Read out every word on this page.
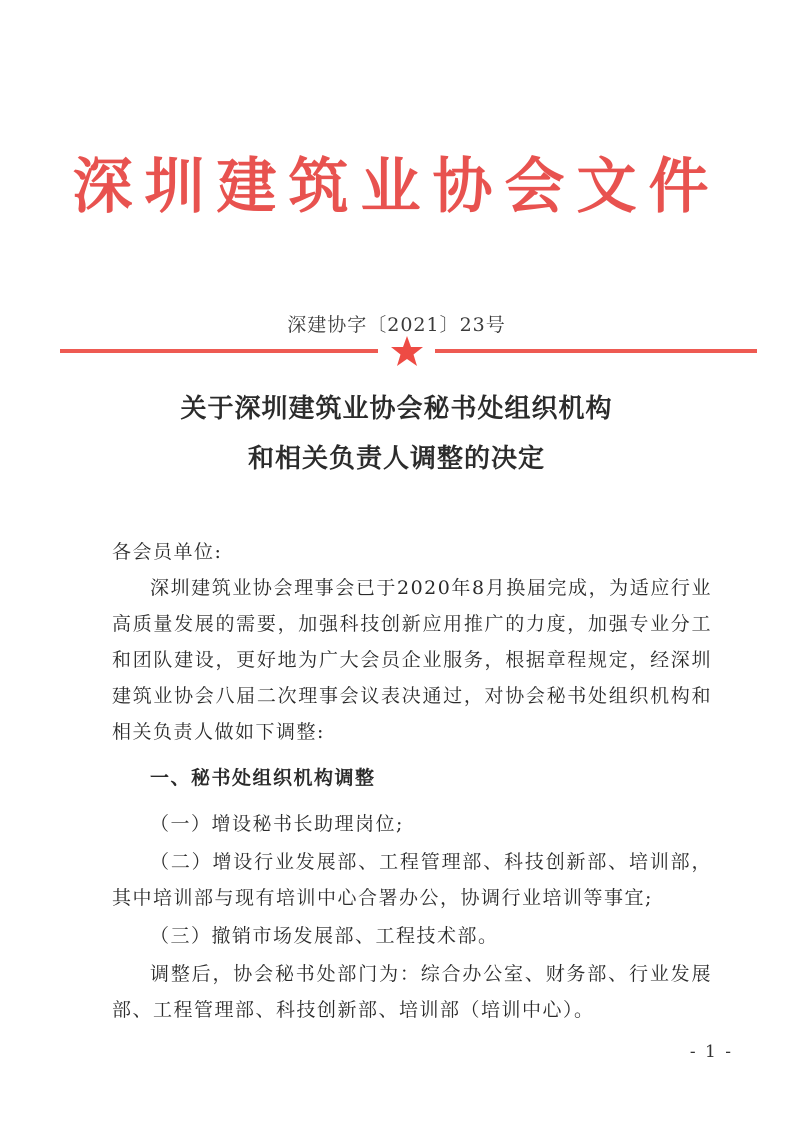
深圳建筑业协会文件
深建协字〔2021〕23号
关于深圳建筑业协会秘书处组织机构
和相关负责人调整的决定
各会员单位:
深圳建筑业协会理事会已于2020年8月换届完成，为适应行业高质量发展的需要，加强科技创新应用推广的力度，加强专业分工和团队建设，更好地为广大会员企业服务，根据章程规定，经深圳建筑业协会八届二次理事会议表决通过，对协会秘书处组织机构和相关负责人做如下调整:
一、秘书处组织机构调整
（一）增设秘书长助理岗位;
（二）增设行业发展部、工程管理部、科技创新部、培训部，其中培训部与现有培训中心合署办公，协调行业培训等事宜;
（三）撤销市场发展部、工程技术部。
调整后，协会秘书处部门为：综合办公室、财务部、行业发展部、工程管理部、科技创新部、培训部（培训中心）。
- 1 -
